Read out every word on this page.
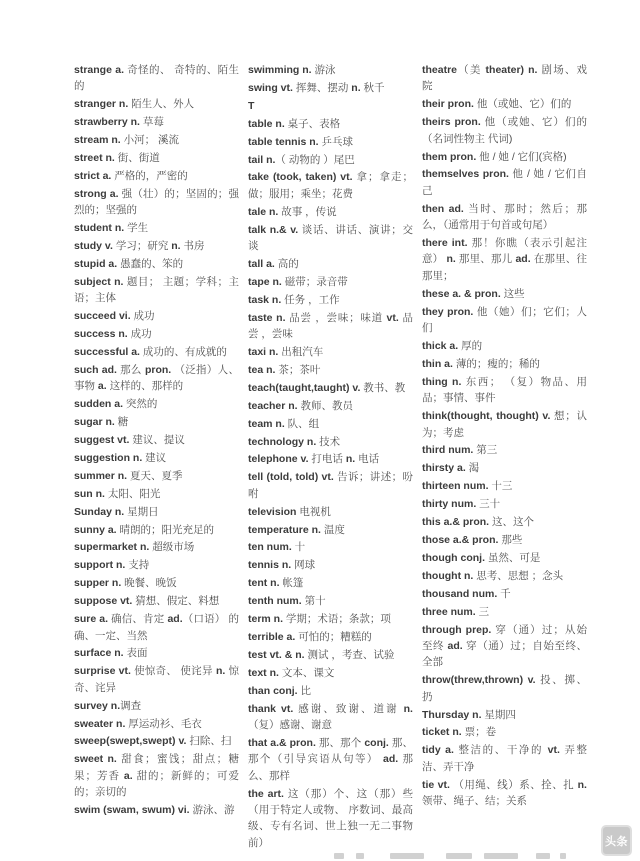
strange a. 奇怪的、 奇特的、陌生的
stranger n. 陌生人、外人
strawberry n. 草莓
stream n. 小河； 溪流
street n. 街、街道
strict a. 严格的，严密的
strong a. 强（壮）的；坚固的；强烈的；坚强的
student n. 学生
study v. 学习；研究 n. 书房
stupid a. 愚蠢的、笨的
subject n. 题目； 主题；学科；主语；主体
succeed vi. 成功
success n. 成功
successful a. 成功的、有成就的
such ad. 那么 pron. （泛指）人、事物 a. 这样的、那样的
sudden a. 突然的
sugar n. 糖
suggest vt. 建议、提议
suggestion n. 建议
summer n. 夏天、夏季
sun n. 太阳、阳光
Sunday n. 星期日
sunny a. 晴朗的；阳光充足的
supermarket n. 超级市场
support n. 支持
supper n. 晚餐、晚饭
suppose vt. 猜想、假定、料想
sure a. 确信、肯定 ad.（口语） 的确、一定、当然
surface n. 表面
surprise vt. 使惊奇、 使诧异 n. 惊奇、诧异
survey n.调查
sweater n. 厚运动衫、毛衣
sweep(swept,swept) v. 扫除、扫
sweet n. 甜食；蜜饯；甜点；糖果；芳香 a. 甜的；新鲜的；可爱的；亲切的
swim (swam, swum) vi. 游泳、游
swimming n. 游泳
swing vt. 挥舞、摆动 n. 秋千
T
table n. 桌子、表格
table tennis n. 乒乓球
tail n.（ 动物的 ）尾巴
take (took, taken) vt. 拿；拿走；做；服用；乘坐；花费
tale n. 故事 ，传说
talk n.& v. 谈话、讲话、演讲；交谈
tall a. 高的
tape n. 磁带；录音带
task n. 任务 ，工作
taste n. 品尝 ，尝味；味道 vt. 品尝 ，尝味
taxi n. 出租汽车
tea n. 茶；茶叶
teach(taught,taught) v. 教书、教
teacher n. 教师、教员
team n. 队、组
technology n. 技术
telephone v. 打电话 n. 电话
tell (told, told) vt. 告诉；讲述；吩咐
television 电视机
temperature n. 温度
ten num. 十
tennis n. 网球
tent n. 帐篷
tenth num. 第十
term n. 学期；术语；条款；项
terrible a. 可怕的；糟糕的
test vt. & n. 测试 ，考查、试验
text n. 文本、课文
than conj. 比
thank vt. 感谢、致谢、道谢 n.（复）感谢、谢意
that a.& pron. 那、那个 conj. 那、那个（引导宾语从句等） ad. 那么、那样
the art. 这（那）个、这（那）些（用于特定人或物、 序数词、最高级、专有名词、世上独一无二事物前）
theatre（美 theater) n. 剧场、戏院
their pron. 他（或她、它）们的
theirs pron. 他（或她、它）们的（名词性物主 代词)
them pron. 他 / 她 / 它们(宾格)
themselves pron. 他 / 她 / 它们自己
then ad. 当时、那时；然后；那么，（通常用于句首或句尾）
there int. 那！你瞧（表示引起注意） n. 那里、那儿 ad. 在那里、往那里；
these a. & pron. 这些
they pron. 他（她）们；它们；人们
thick a. 厚的
thin a. 薄的；瘦的；稀的
thing n. 东西； （复）物品、用品；事情、事件
think(thought, thought) v. 想；认为；考虑
third num. 第三
thirsty a. 渴
thirteen num. 十三
thirty num. 三十
this a.& pron. 这、这个
those a.& pron. 那些
though conj. 虽然、可是
thought n. 思考、思想 ；念头
thousand num. 千
three num. 三
through prep. 穿（通）过；从始至终 ad. 穿（通）过；自始至终、全部
throw(threw,thrown) v. 投、掷、扔
Thursday n. 星期四
ticket n. 票；卷
tidy a. 整洁的、干净的 vt. 弄整洁、弄干净
tie vt. （用绳、线）系、拴、扎 n. 领带、绳子、结；关系
头条
